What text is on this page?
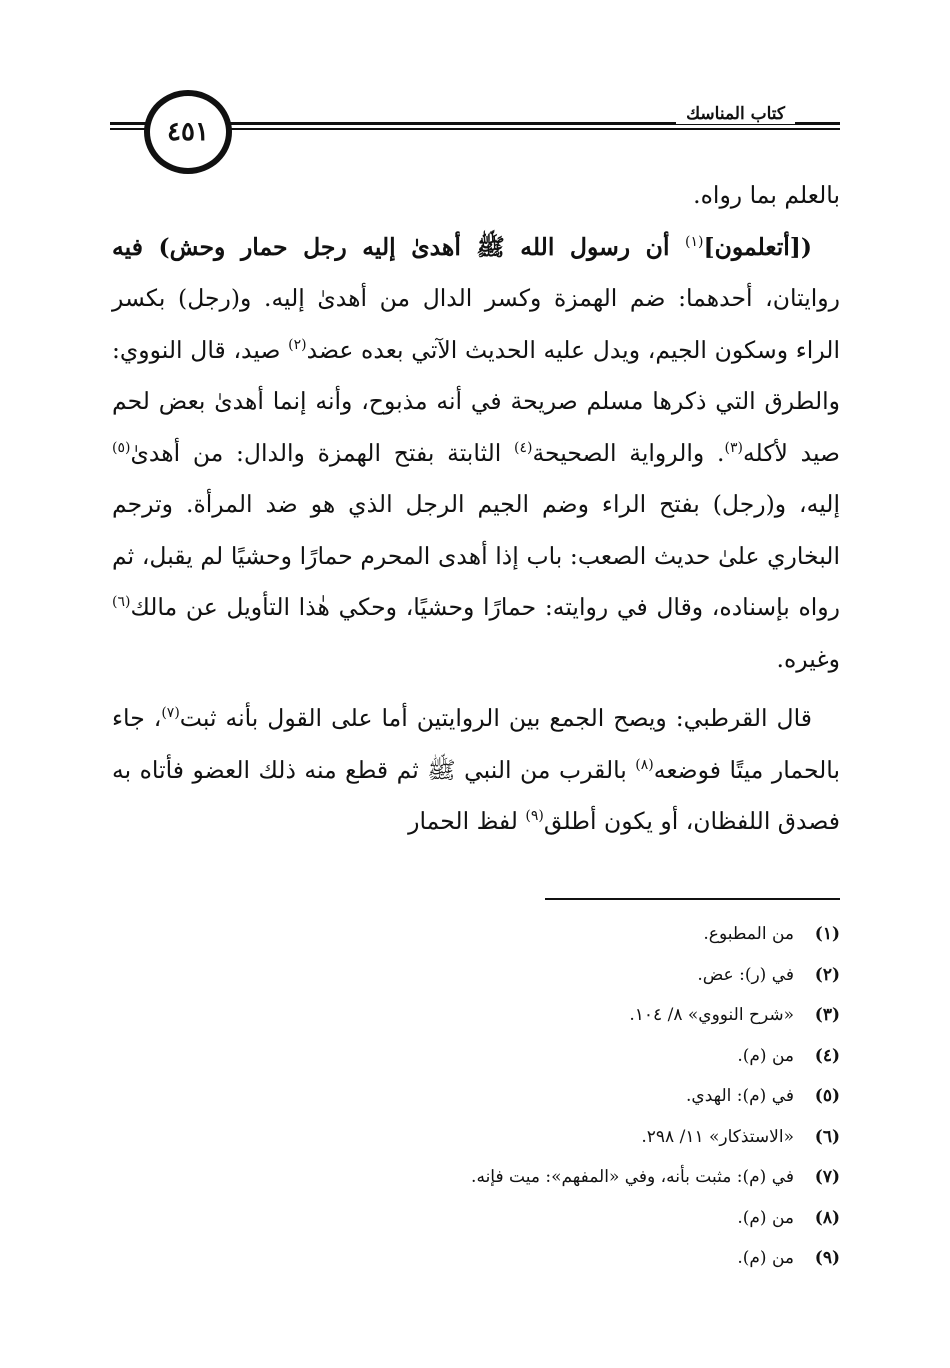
٤٥١
كتاب المناسك

بالعلم بما رواه.

([أتعلمون]$^{(١)}$ أن رسول الله ﷺ أهدىٰ إليه رجل حمار وحش) فيه روايتان، أحدهما: ضم الهمزة وكسر الدال من أهدىٰ إليه. و(رجل) بكسر الراء وسكون الجيم، ويدل عليه الحديث الآتي بعده عضد$^{(٢)}$ صيد، قال النووي: والطرق التي ذكرها مسلم صريحة في أنه مذبوح، وأنه إنما أهدىٰ بعض لحم صيد لأكله$^{(٣)}$. والرواية الصحيحة$^{(٤)}$ الثابتة بفتح الهمزة والدال: من أهدىٰ$^{(٥)}$ إليه، و(رجل) بفتح الراء وضم الجيم الرجل الذي هو ضد المرأة. وترجم البخاري علىٰ حديث الصعب: باب إذا أهدى المحرم حمارًا وحشيًا لم يقبل، ثم رواه بإسناده، وقال في روايته: حمارًا وحشيًا، وحكي هٰذا التأويل عن مالك$^{(٦)}$ وغيره.

قال القرطبي: ويصح الجمع بين الروايتين أما على القول بأنه ثبت$^{(٧)}$، جاء بالحمار ميتًا فوضعه$^{(٨)}$ بالقرب من النبي ﷺ ثم قطع منه ذلك العضو فأتاه به فصدق اللفظان، أو يكون أطلق$^{(٩)}$ لفظ الحمار

(١)
من المطبوع.
(٢)
في (ر): عض.
(٣)
«شرح النووي» ٨/ ١٠٤.
(٤)
من (م).
(٥)
في (م): الهدي.
(٦)
«الاستذكار» ١١/ ٢٩٨.
(٧)
في (م): مثبت بأنه، وفي «المفهم»: ميت فإنه.
(٨)
من (م).
(٩)
من (م).
